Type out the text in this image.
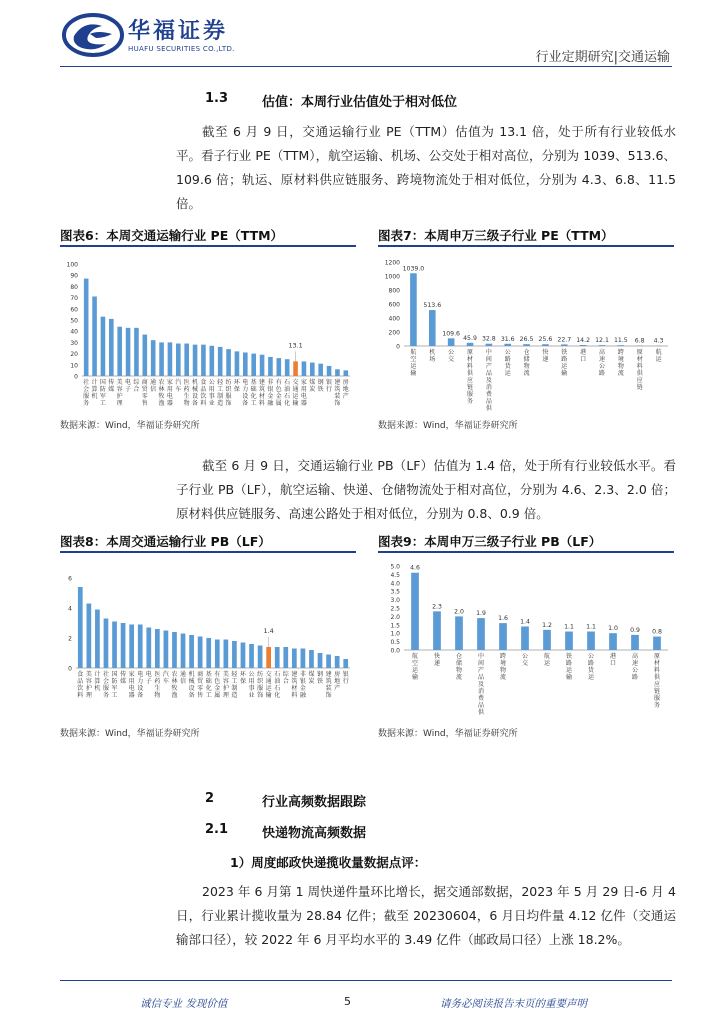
华福证券
HUAFU SECURITIES CO.,LTD.
行业定期研究|交通运输
1.3	估值：本周行业估值处于相对低位
截至 6 月 9 日，交通运输行业 PE（TTM）估值为 13.1 倍，处于所有行业较低水平。看子行业 PE（TTM），航空运输、机场、公交处于相对高位，分别为 1039、513.6、109.6 倍；轨运、原材料供应链服务、跨境物流处于相对低位，分别为 4.3、6.8、11.5 倍。
图表6：本周交通运输行业 PE（TTM）	图表7：本周申万三级子行业 PE（TTM）
0
10
20
30
40
50
60
70
80
90
100
社会服务
计算机
国防军工
传媒
美容护理
电子
综合
商贸零售
通信
农林牧渔
家用电器
汽车
医药生物
机械设备
食品饮料
公用事业
轻工制造
纺织服饰
环保
电力设备
基础化工
建筑材料
非银金融
有色金属
石油石化
13.1
交通运输
家用电器
煤炭
钢铁
银行
建筑装饰
房地产
0
200
400
600
800
1000
1200
1039.0
航空运输
513.6
机场
109.6
公交
45.9
原材料供应链服务
32.8
中间产品及消费品供
31.6
公路货运
26.5
仓储物流
25.6
快递
22.7
铁路运输
14.2
港口
12.1
高速公路
11.5
跨境物流
6.8
原材料供应链
4.3
航运
数据来源：Wind，华福证券研究所	数据来源：Wind，华福证券研究所
截至 6 月 9 日，交通运输行业 PB（LF）估值为 1.4 倍，处于所有行业较低水平。看子行业 PB（LF），航空运输、快递、仓储物流处于相对高位，分别为 4.6、2.3、2.0 倍；原材料供应链服务、高速公路处于相对低位，分别为 0.8、0.9 倍。
图表8：本周交通运输行业 PB（LF）	图表9：本周申万三级子行业 PB（LF）
0
2
4
6
食品饮料
美容护理
计算机
社会服务
国防军工
传媒
家用电器
电力设备
电子
医药生物
汽车
农林牧渔
通信
机械设备
商贸零售
基础化工
有色金属
美容护理
轻工制造
环保
公用事业
纺织服饰
1.4
交通运输
石油石化
综合
建筑材料
非银金融
煤炭
钢铁
建筑装饰
房地产
银行
0.0
0.5
1.0
1.5
2.0
2.5
3.0
3.5
4.0
4.5
5.0 4.6
航空运输
2.3
快递
2.0
仓储物流
1.9
中间产品及消费品供
1.6
跨境物流
1.4
公交
1.2
航运
1.1
铁路运输
1.1
公路货运
1.0
港口
0.9
高速公路
0.8
原材料供应链服务
数据来源：Wind，华福证券研究所	数据来源：Wind，华福证券研究所
2	行业高频数据跟踪
2.1	快递物流高频数据
1）周度邮政快递揽收量数据点评：
2023 年 6 月第 1 周快递件量环比增长，据交通部数据，2023 年 5 月 29 日-6 月 4 日，行业累计揽收量为 28.84 亿件；截至 20230604，6 月日均件量 4.12 亿件（交通运输部口径），较 2022 年 6 月平均水平的 3.49 亿件（邮政局口径）上涨 18.2%。
诚信专业 发现价值	5	请务必阅读报告末页的重要声明
